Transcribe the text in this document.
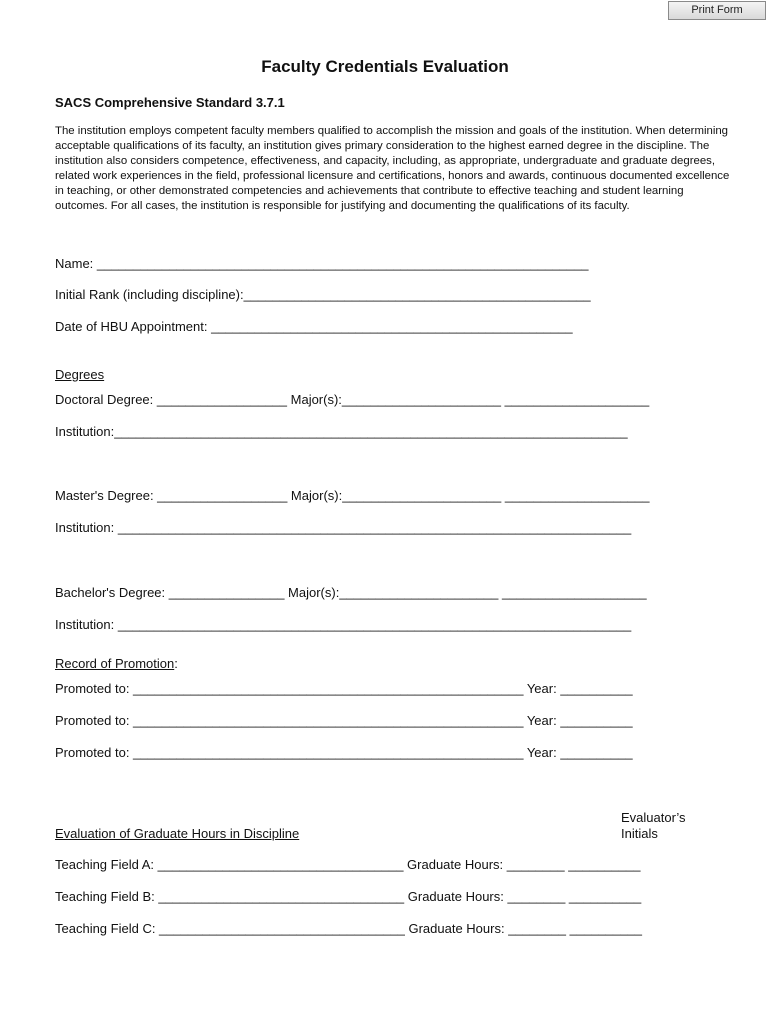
Print Form
Faculty Credentials Evaluation
SACS Comprehensive Standard 3.7.1

The institution employs competent faculty members qualified to accomplish the mission and goals of the institution. When determining acceptable qualifications of its faculty, an institution gives primary consideration to the highest earned degree in the discipline. The institution also considers competence, effectiveness, and capacity, including, as appropriate, undergraduate and graduate degrees, related work experiences in the field, professional licensure and certifications, honors and awards, continuous documented excellence in teaching, or other demonstrated competencies and achievements that contribute to effective teaching and student learning outcomes. For all cases, the institution is responsible for justifying and documenting the qualifications of its faculty.

Name: ____________________________________________________________________
Initial Rank (including discipline):________________________________________________
Date of HBU Appointment: __________________________________________________
Degrees
Doctoral Degree: __________________ Major(s):______________________ ____________________
Institution:_______________________________________________________________________
Master's Degree: __________________ Major(s):______________________ ____________________
Institution: _______________________________________________________________________
Bachelor's Degree: ________________ Major(s):______________________ ____________________
Institution: _______________________________________________________________________
Record of Promotion:
Promoted to: ______________________________________________________ Year: __________
Promoted to: ______________________________________________________ Year: __________
Promoted to: ______________________________________________________ Year: __________
Evaluator’s
Initials
Evaluation of Graduate Hours in Discipline
Teaching Field A: __________________________________ Graduate Hours: ________ __________
Teaching Field B: __________________________________ Graduate Hours: ________ __________
Teaching Field C: __________________________________ Graduate Hours: ________ __________
